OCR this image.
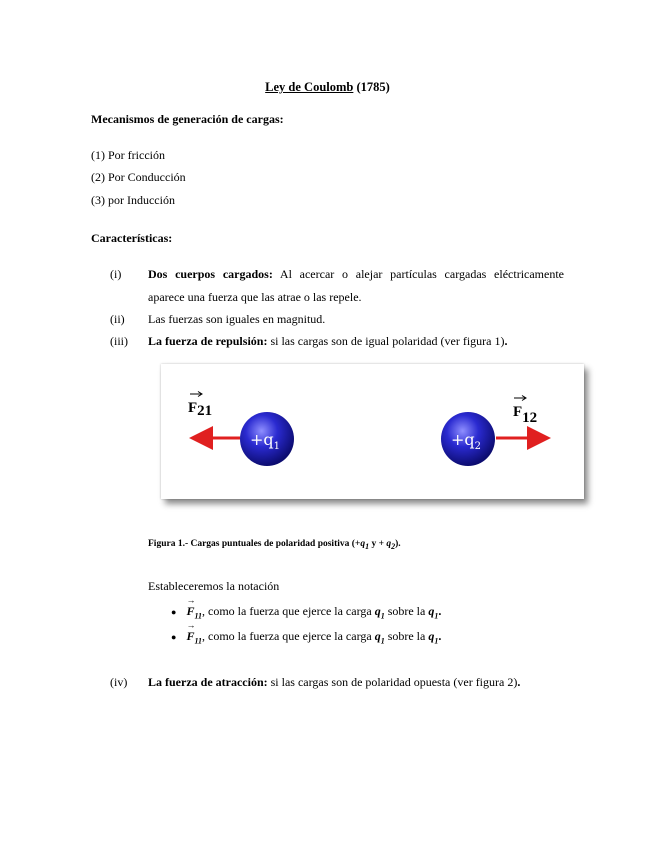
Ley de Coulomb (1785)
Mecanismos de generación de cargas:
(1) Por fricción
(2) Por Conducción
(3) por Inducción
Características:
(i) Dos cuerpos cargados: Al acercar o alejar partículas cargadas eléctricamente
aparece una fuerza que las atrae o las repele.
(ii) Las fuerzas son iguales en magnitud.
(iii) La fuerza de repulsión: si las cargas son de igual polaridad (ver figura 1).
$+q_1$	$+q_2$
F21	F12
Figura 1.- Cargas puntuales de polaridad positiva ($+q_1$ $y + q_2$).
Estableceremos la notación
● → $F_{11}$, como la fuerza que ejerce la carga $q_1$ sobre la $q_1$.
● → $F_{11}$, como la fuerza que ejerce la carga $q_1$ sobre la $q_1$.
(iv) La fuerza de atracción: si las cargas son de polaridad opuesta (ver figura 2).
